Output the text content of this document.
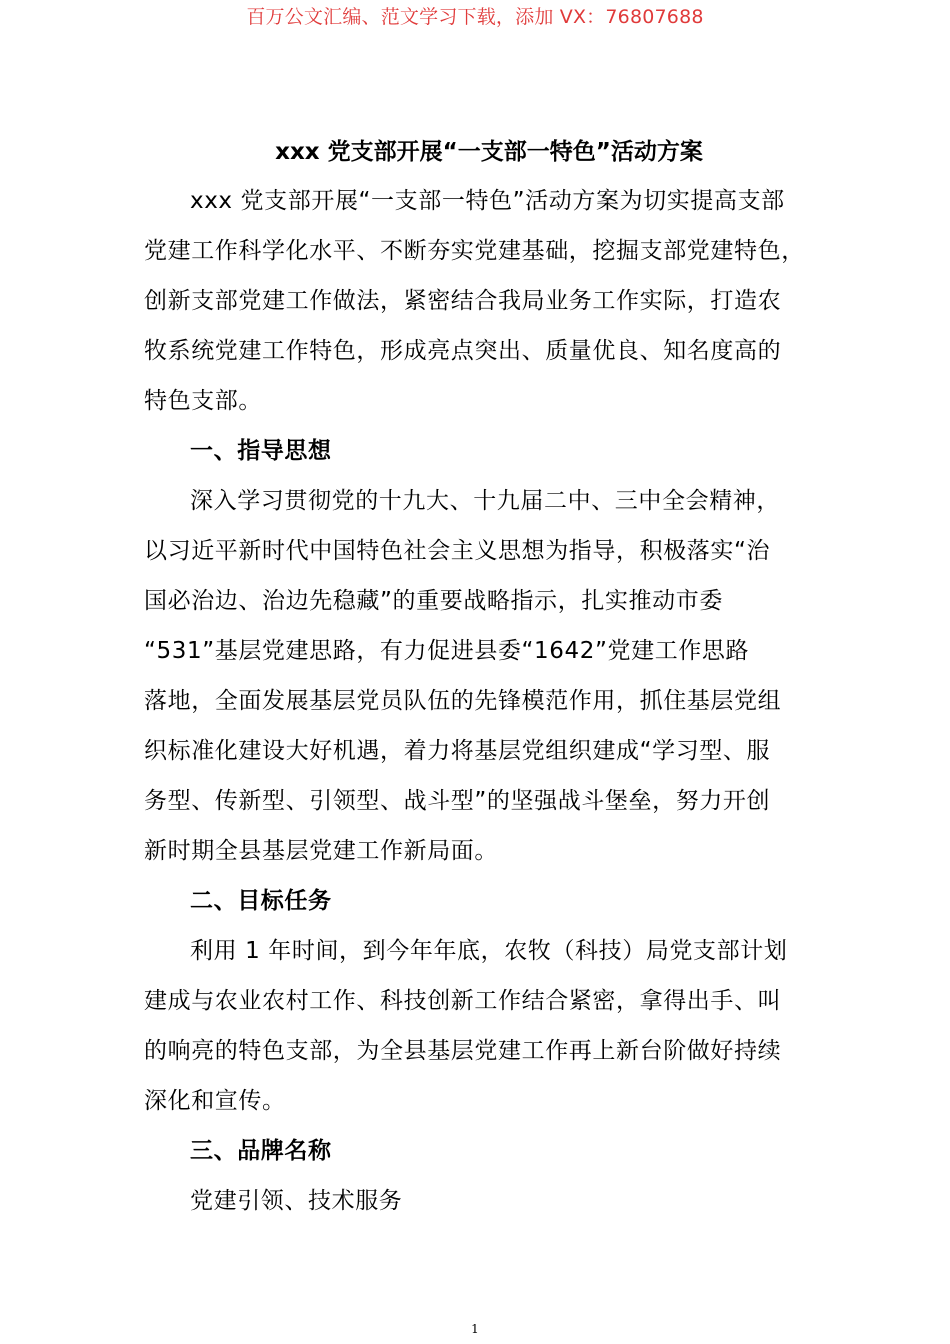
百万公文汇编、范文学习下载，添加 VX：76807688
xxx 党支部开展“一支部一特色”活动方案
xxx 党支部开展“一支部一特色”活动方案为切实提高支部
党建工作科学化水平、不断夯实党建基础，挖掘支部党建特色，
创新支部党建工作做法，紧密结合我局业务工作实际，打造农
牧系统党建工作特色，形成亮点突出、质量优良、知名度高的
特色支部。
一、指导思想
深入学习贯彻党的十九大、十九届二中、三中全会精神，
以习近平新时代中国特色社会主义思想为指导，积极落实“治
国必治边、治边先稳藏”的重要战略指示，扎实推动市委
“531”基层党建思路，有力促进县委“1642”党建工作思路
落地，全面发展基层党员队伍的先锋模范作用，抓住基层党组
织标准化建设大好机遇，着力将基层党组织建成“学习型、服
务型、传新型、引领型、战斗型”的坚强战斗堡垒，努力开创
新时期全县基层党建工作新局面。
二、目标任务
利用 1 年时间，到今年年底，农牧（科技）局党支部计划
建成与农业农村工作、科技创新工作结合紧密，拿得出手、叫
的响亮的特色支部，为全县基层党建工作再上新台阶做好持续
深化和宣传。
三、品牌名称
党建引领、技术服务
1
